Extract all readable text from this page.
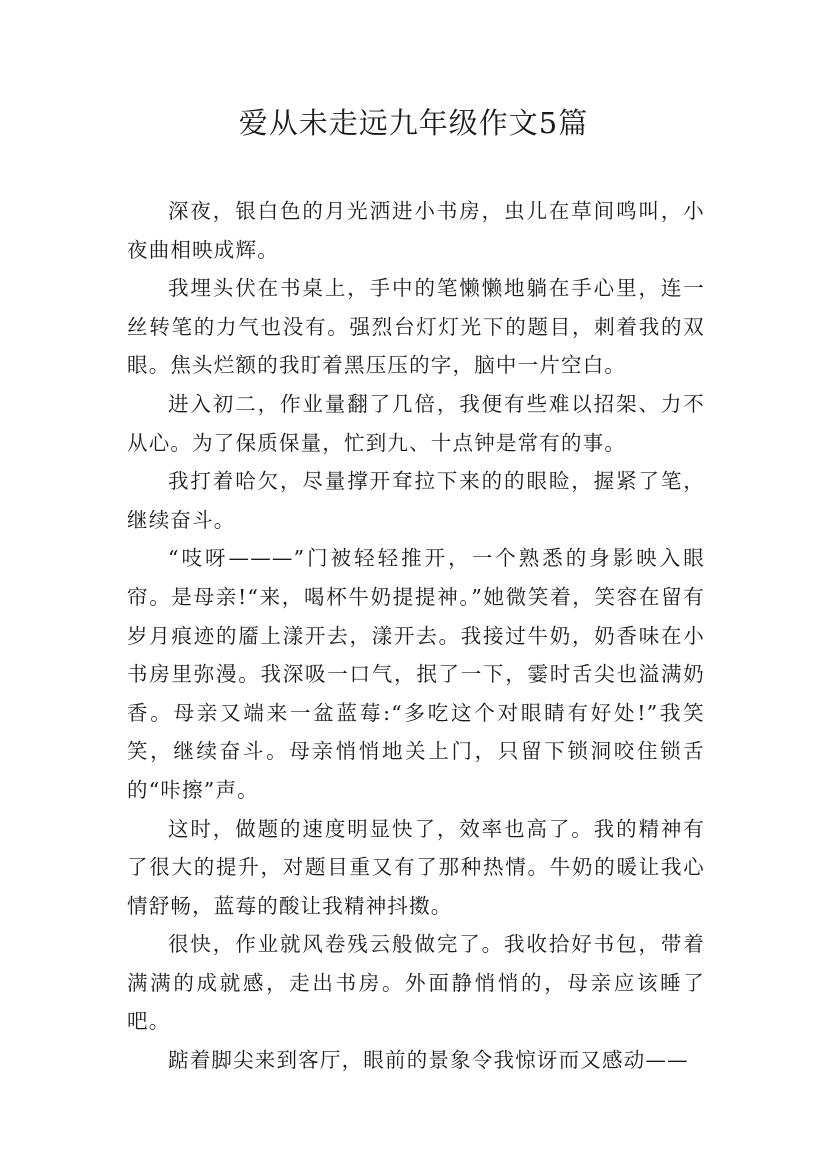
爱从未走远九年级作文5篇

深夜，银白色的月光洒进小书房，虫儿在草间鸣叫，小夜曲相映成辉。

我埋头伏在书桌上，手中的笔懒懒地躺在手心里，连一丝转笔的力气也没有。强烈台灯灯光下的题目，刺着我的双眼。焦头烂额的我盯着黑压压的字，脑中一片空白。

进入初二，作业量翻了几倍，我便有些难以招架、力不从心。为了保质保量，忙到九、十点钟是常有的事。

我打着哈欠，尽量撑开耷拉下来的的眼睑，握紧了笔，继续奋斗。

“吱呀———”门被轻轻推开，一个熟悉的身影映入眼帘。是母亲!“来，喝杯牛奶提提神。”她微笑着，笑容在留有岁月痕迹的靥上漾开去，漾开去。我接过牛奶，奶香味在小书房里弥漫。我深吸一口气，抿了一下，霎时舌尖也溢满奶香。母亲又端来一盆蓝莓:“多吃这个对眼睛有好处!”我笑笑，继续奋斗。母亲悄悄地关上门，只留下锁洞咬住锁舌的“咔擦”声。

这时，做题的速度明显快了，效率也高了。我的精神有了很大的提升，对题目重又有了那种热情。牛奶的暖让我心情舒畅，蓝莓的酸让我精神抖擞。

很快，作业就风卷残云般做完了。我收拾好书包，带着满满的成就感，走出书房。外面静悄悄的，母亲应该睡了吧。

踮着脚尖来到客厅，眼前的景象令我惊讶而又感动——
